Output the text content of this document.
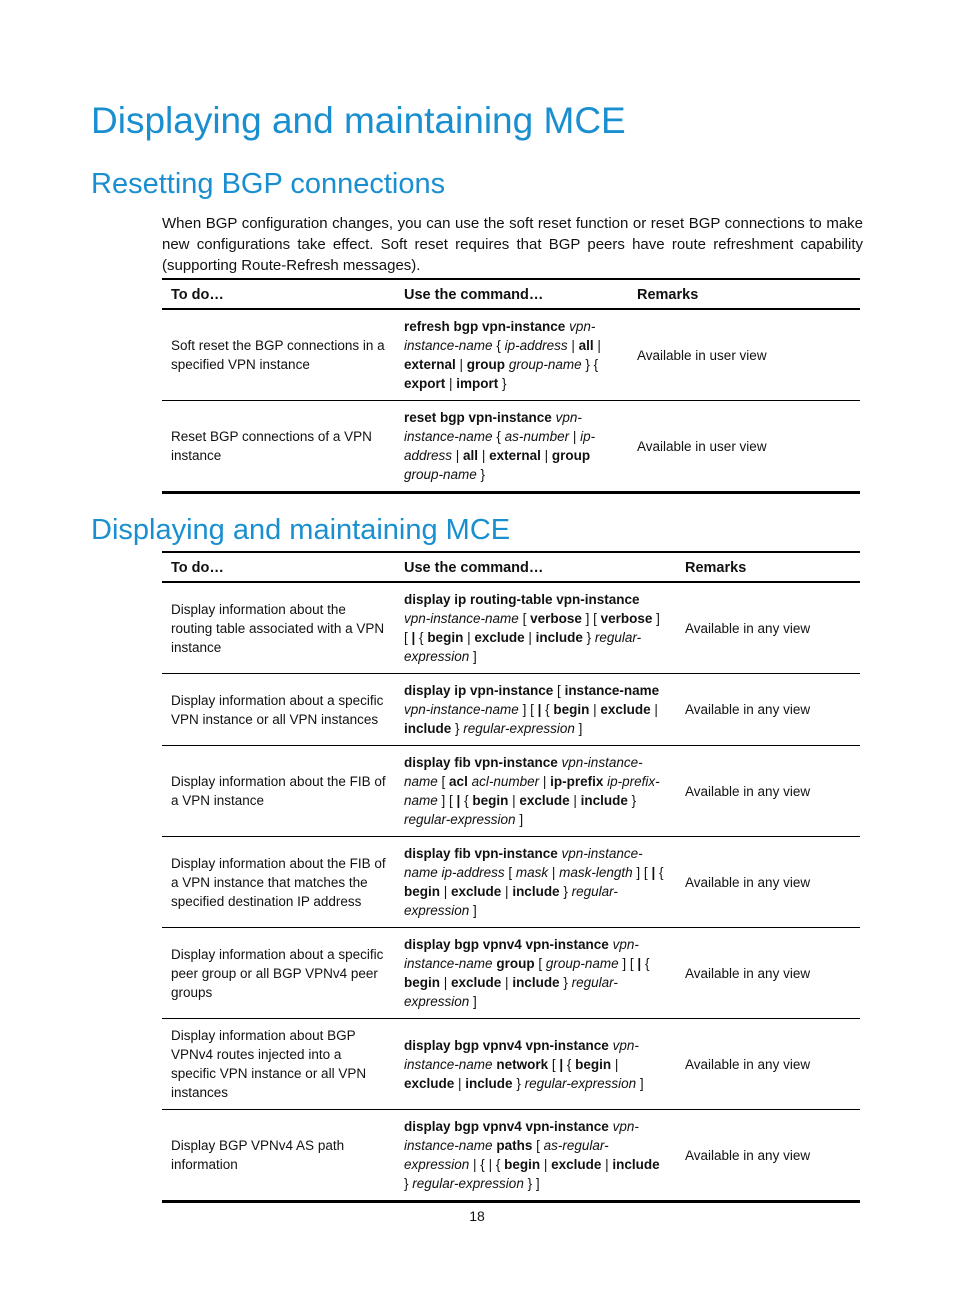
Displaying and maintaining MCE
Resetting BGP connections

When BGP configuration changes, you can use the soft reset function or reset BGP connections to make new configurations take effect. Soft reset requires that BGP peers have route refreshment capability (supporting Route-Refresh messages).

To do…	Use the command…	Remarks
Soft reset the BGP connections in a specified VPN instance	refresh bgp vpn-instance vpn-instance-name { ip-address | all | external | group group-name } { export | import }	Available in user view
Reset BGP connections of a VPN instance	reset bgp vpn-instance vpn-instance-name { as-number | ip-address | all | external | group group-name }	Available in user view
Displaying and maintaining MCE
To do…	Use the command…	Remarks
Display information about the routing table associated with a VPN instance	display ip routing-table vpn-instance vpn-instance-name [ verbose ] [ verbose ] [ | { begin | exclude | include } regular-expression ]	Available in any view
Display information about a specific VPN instance or all VPN instances	display ip vpn-instance [ instance-name vpn-instance-name ] [ | { begin | exclude | include } regular-expression ]	Available in any view
Display information about the FIB of a VPN instance	display fib vpn-instance vpn-instance-name [ acl acl-number | ip-prefix ip-prefix-name ] [ | { begin | exclude | include } regular-expression ]	Available in any view
Display information about the FIB of a VPN instance that matches the specified destination IP address	display fib vpn-instance vpn-instance-name ip-address [ mask | mask-length ] [ | { begin | exclude | include } regular-expression ]	Available in any view
Display information about a specific peer group or all BGP VPNv4 peer groups	display bgp vpnv4 vpn-instance vpn-instance-name group [ group-name ] [ | { begin | exclude | include } regular-expression ]	Available in any view
Display information about BGP VPNv4 routes injected into a specific VPN instance or all VPN instances	display bgp vpnv4 vpn-instance vpn-instance-name network [ | { begin | exclude | include } regular-expression ]	Available in any view
Display BGP VPNv4 AS path information	display bgp vpnv4 vpn-instance vpn-instance-name paths [ as-regular-expression | { | { begin | exclude | include } regular-expression } ]	Available in any view
18
